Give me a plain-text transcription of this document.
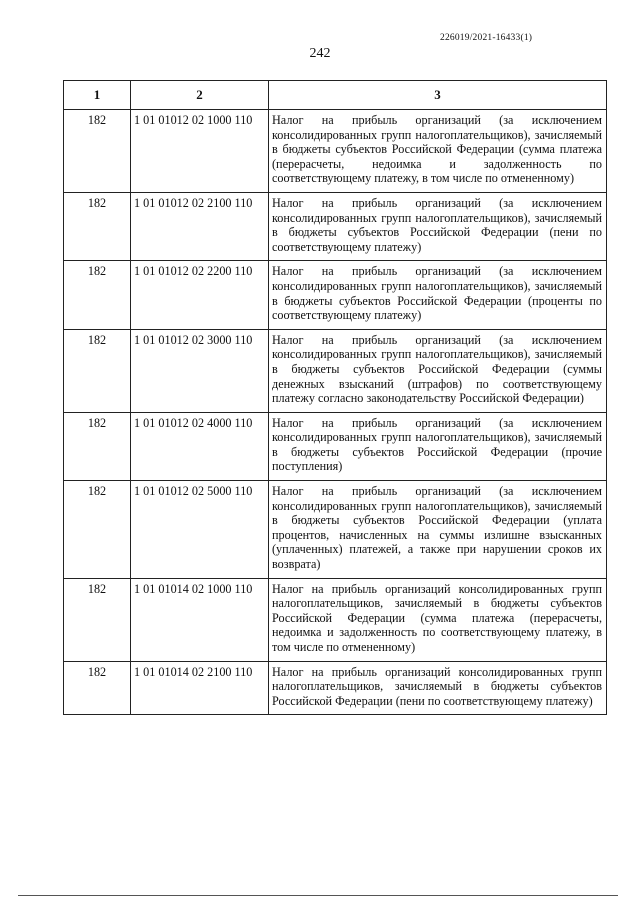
226019/2021-16433(1)
242
1	2	3
182	1 01 01012 02 1000 110	Налог на прибыль организаций (за исключением консолидированных групп налогоплательщиков), зачисляемый в бюджеты субъектов Российской Федерации (сумма платежа (перерасчеты, недоимка и задолженность по соответствующему платежу, в том числе по отмененному)
182	1 01 01012 02 2100 110	Налог на прибыль организаций (за исключением консолидированных групп налогоплательщиков), зачисляемый в бюджеты субъектов Российской Федерации (пени по соответствующему платежу)
182	1 01 01012 02 2200 110	Налог на прибыль организаций (за исключением консолидированных групп налогоплательщиков), зачисляемый в бюджеты субъектов Российской Федерации (проценты по соответствующему платежу)
182	1 01 01012 02 3000 110	Налог на прибыль организаций (за исключением консолидированных групп налогоплательщиков), зачисляемый в бюджеты субъектов Российской Федерации (суммы денежных взысканий (штрафов) по соответствующему платежу согласно законодательству Российской Федерации)
182	1 01 01012 02 4000 110	Налог на прибыль организаций (за исключением консолидированных групп налогоплательщиков), зачисляемый в бюджеты субъектов Российской Федерации (прочие поступления)
182	1 01 01012 02 5000 110	Налог на прибыль организаций (за исключением консолидированных групп налогоплательщиков), зачисляемый в бюджеты субъектов Российской Федерации (уплата процентов, начисленных на суммы излишне взысканных (уплаченных) платежей, а также при нарушении сроков их возврата)
182	1 01 01014 02 1000 110	Налог на прибыль организаций консолидированных групп налогоплательщиков, зачисляемый в бюджеты субъектов Российской Федерации (сумма платежа (перерасчеты, недоимка и задолженность по соответствующему платежу, в том числе по отмененному)
182	1 01 01014 02 2100 110	Налог на прибыль организаций консолидированных групп налогоплательщиков, зачисляемый в бюджеты субъектов Российской Федерации (пени по соответствующему платежу)
